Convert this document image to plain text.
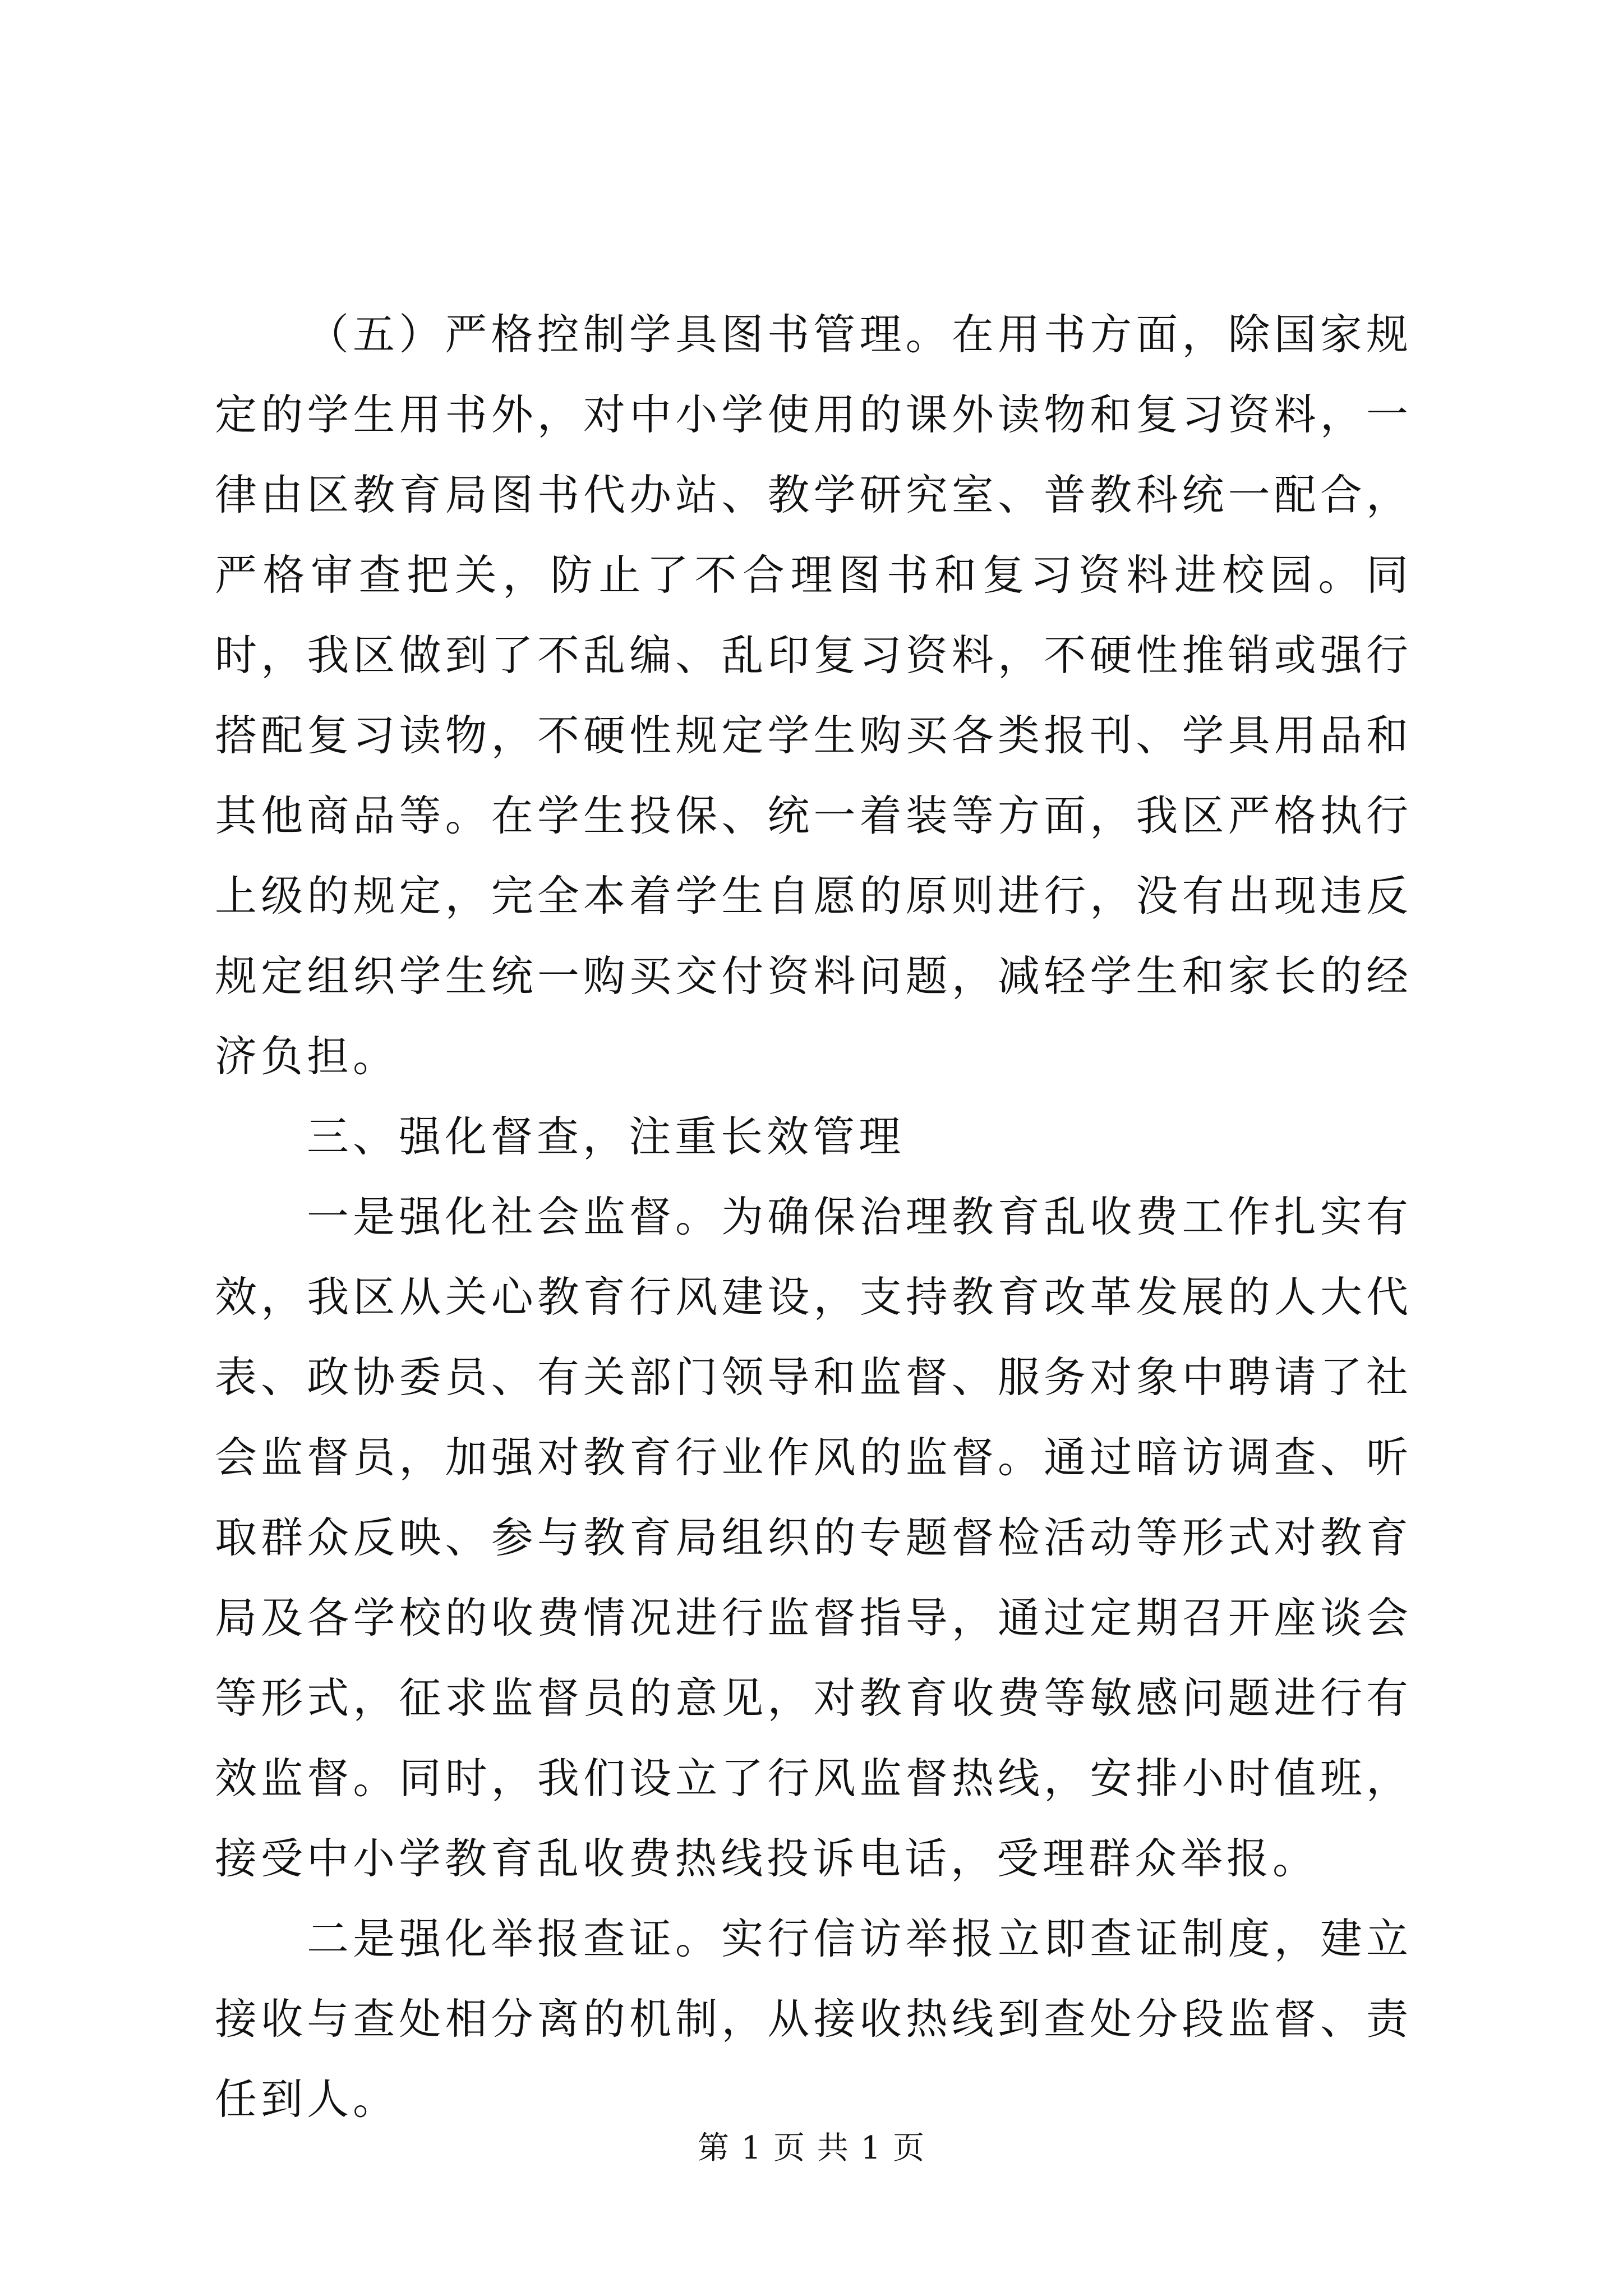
（五）严格控制学具图书管理。在用书方面，除国家规定的学生用书外，对中小学使用的课外读物和复习资料，一律由区教育局图书代办站、教学研究室、普教科统一配合，严格审查把关，防止了不合理图书和复习资料进校园。同时，我区做到了不乱编、乱印复习资料，不硬性推销或强行搭配复习读物，不硬性规定学生购买各类报刊、学具用品和其他商品等。在学生投保、统一着装等方面，我区严格执行上级的规定，完全本着学生自愿的原则进行，没有出现违反规定组织学生统一购买交付资料问题，减轻学生和家长的经济负担。

三、强化督查，注重长效管理

一是强化社会监督。为确保治理教育乱收费工作扎实有效，我区从关心教育行风建设，支持教育改革发展的人大代表、政协委员、有关部门领导和监督、服务对象中聘请了社会监督员，加强对教育行业作风的监督。通过暗访调查、听取群众反映、参与教育局组织的专题督检活动等形式对教育局及各学校的收费情况进行监督指导，通过定期召开座谈会等形式，征求监督员的意见，对教育收费等敏感问题进行有效监督。同时，我们设立了行风监督热线，安排小时值班，接受中小学教育乱收费热线投诉电话，受理群众举报。

二是强化举报查证。实行信访举报立即查证制度，建立接收与查处相分离的机制，从接收热线到查处分段监督、责任到人。

第 1 页 共 1 页
